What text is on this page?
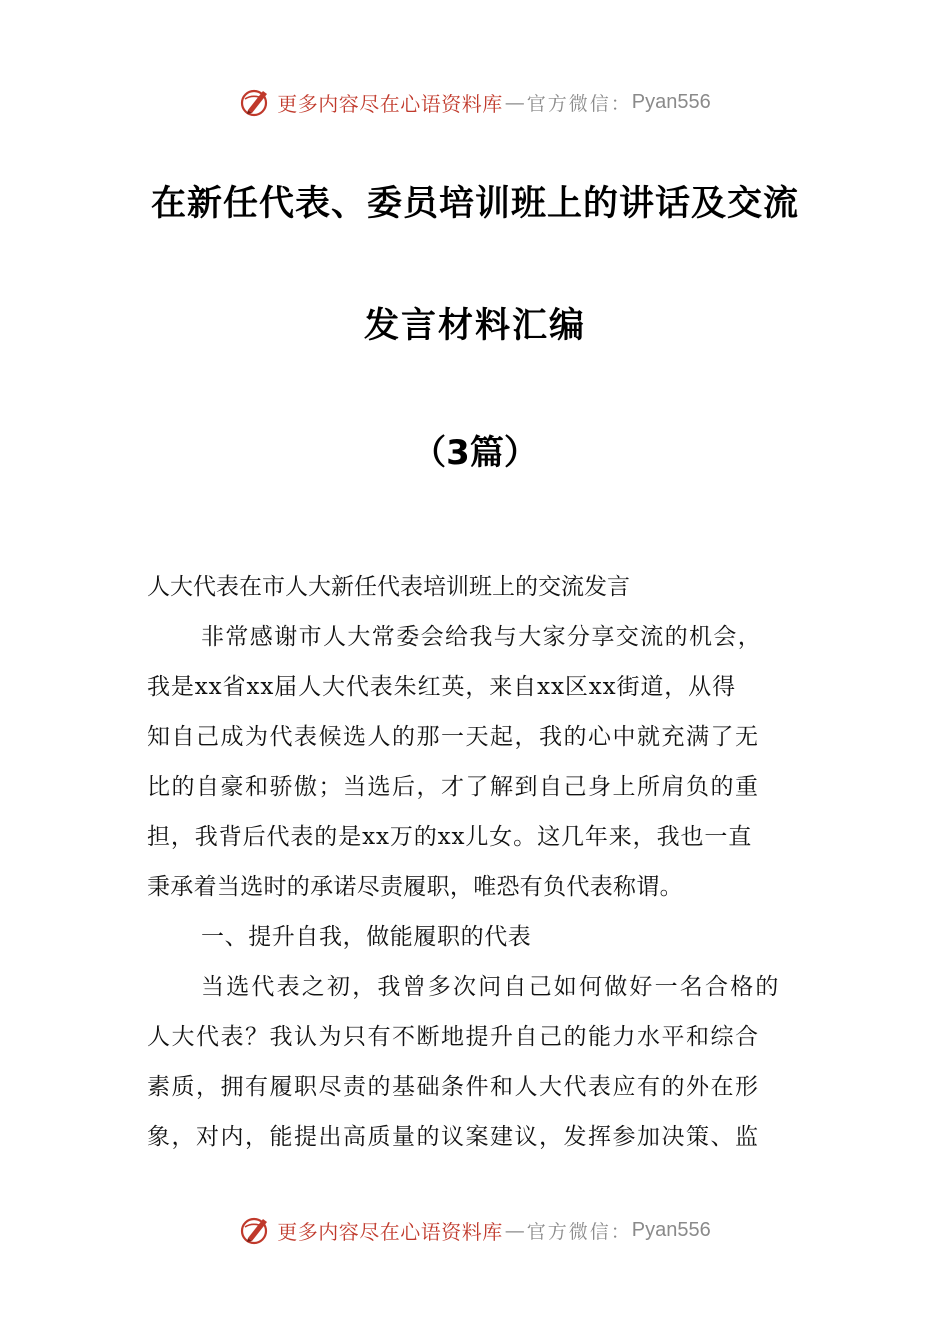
更多内容尽在心语资料库 — 官方微信： Pyan556
在新任代表、委员培训班上的讲话及交流
发言材料汇编
（3篇）
人大代表在市人大新任代表培训班上的交流发言
非常感谢市人大常委会给我与大家分享交流的机会，
我是xx省xx届人大代表朱红英，来自xx区xx街道，从得
知自己成为代表候选人的那一天起，我的心中就充满了无
比的自豪和骄傲；当选后，才了解到自己身上所肩负的重
担，我背后代表的是xx万的xx儿女。这几年来，我也一直
秉承着当选时的承诺尽责履职，唯恐有负代表称谓。
一、提升自我，做能履职的代表
当选代表之初，我曾多次问自己如何做好一名合格的
人大代表？我认为只有不断地提升自己的能力水平和综合
素质，拥有履职尽责的基础条件和人大代表应有的外在形
象，对内，能提出高质量的议案建议，发挥参加决策、监
更多内容尽在心语资料库 — 官方微信： Pyan556
